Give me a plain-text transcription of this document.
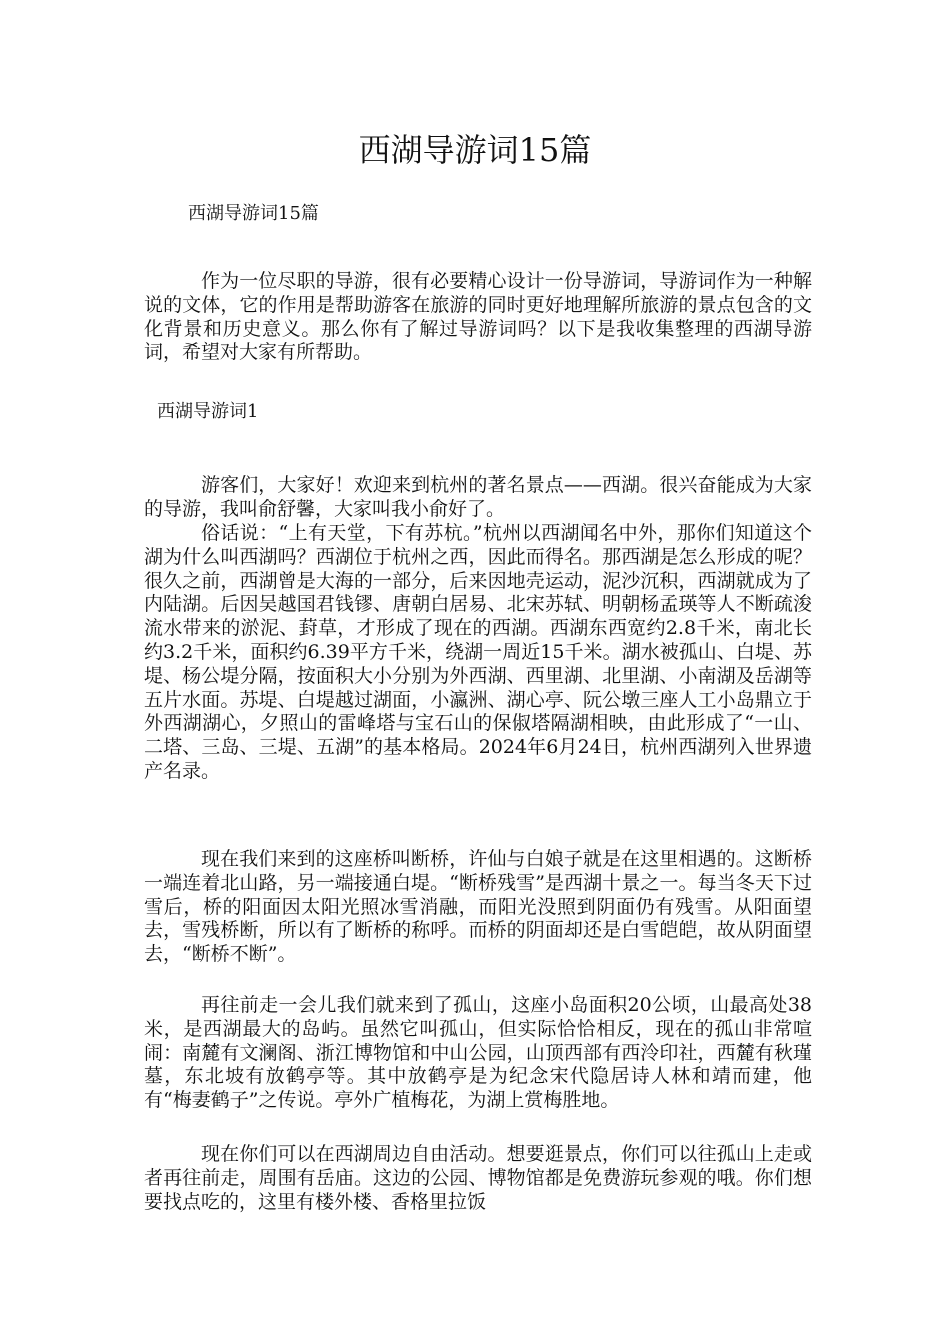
西湖导游词15篇
西湖导游词15篇

作为一位尽职的导游，很有必要精心设计一份导游词，导游词作为一种解说的文体，它的作用是帮助游客在旅游的同时更好地理解所旅游的景点包含的文化背景和历史意义。那么你有了解过导游词吗？以下是我收集整理的西湖导游词，希望对大家有所帮助。

西湖导游词1

游客们，大家好！欢迎来到杭州的著名景点——西湖。很兴奋能成为大家的导游，我叫俞舒馨，大家叫我小俞好了。

俗话说：“上有天堂，下有苏杭。”杭州以西湖闻名中外，那你们知道这个湖为什么叫西湖吗？西湖位于杭州之西，因此而得名。那西湖是怎么形成的呢？很久之前，西湖曾是大海的一部分，后来因地壳运动，泥沙沉积，西湖就成为了内陆湖。后因吴越国君钱镠、唐朝白居易、北宋苏轼、明朝杨孟瑛等人不断疏浚流水带来的淤泥、葑草，才形成了现在的西湖。西湖东西宽约2.8千米，南北长约3.2千米，面积约6.39平方千米，绕湖一周近15千米。湖水被孤山、白堤、苏堤、杨公堤分隔，按面积大小分别为外西湖、西里湖、北里湖、小南湖及岳湖等五片水面。苏堤、白堤越过湖面，小瀛洲、湖心亭、阮公墩三座人工小岛鼎立于外西湖湖心，夕照山的雷峰塔与宝石山的保俶塔隔湖相映，由此形成了“一山、二塔、三岛、三堤、五湖”的基本格局。2024年6月24日，杭州西湖列入世界遗产名录。

现在我们来到的这座桥叫断桥，许仙与白娘子就是在这里相遇的。这断桥一端连着北山路，另一端接通白堤。“断桥残雪”是西湖十景之一。每当冬天下过雪后，桥的阳面因太阳光照冰雪消融，而阳光没照到阴面仍有残雪。从阳面望去，雪残桥断，所以有了断桥的称呼。而桥的阴面却还是白雪皑皑，故从阴面望去，“断桥不断”。

再往前走一会儿我们就来到了孤山，这座小岛面积20公顷，山最高处38米，是西湖最大的岛屿。虽然它叫孤山，但实际恰恰相反，现在的孤山非常喧闹：南麓有文澜阁、浙江博物馆和中山公园，山顶西部有西泠印社，西麓有秋瑾墓，东北坡有放鹤亭等。其中放鹤亭是为纪念宋代隐居诗人林和靖而建，他有“梅妻鹤子”之传说。亭外广植梅花，为湖上赏梅胜地。

现在你们可以在西湖周边自由活动。想要逛景点，你们可以往孤山上走或者再往前走，周围有岳庙。这边的公园、博物馆都是免费游玩参观的哦。你们想要找点吃的，这里有楼外楼、香格里拉饭
